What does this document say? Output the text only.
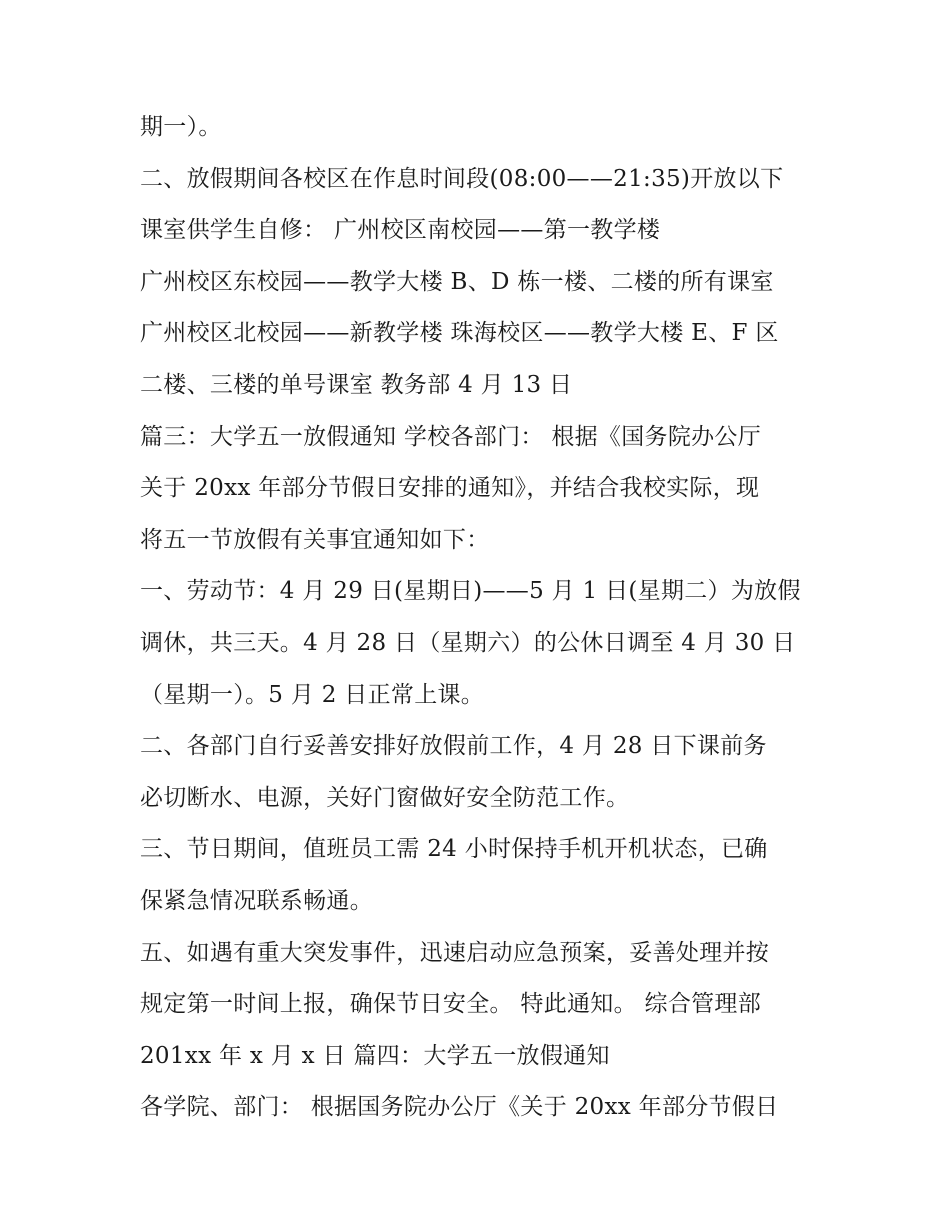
期一）。
二、放假期间各校区在作息时间段(08:00——21:35)开放以下
课室供学生自修： 广州校区南校园——第一教学楼
广州校区东校园——教学大楼 B、D 栋一楼、二楼的所有课室
广州校区北校园——新教学楼 珠海校区——教学大楼 E、F 区
二楼、三楼的单号课室 教务部 4 月 13 日
篇三：大学五一放假通知 学校各部门： 根据《国务院办公厅
关于 20xx 年部分节假日安排的通知》，并结合我校实际，现
将五一节放假有关事宜通知如下：
一、劳动节：4 月 29 日(星期日)——5 月 1 日(星期二）为放假
调休，共三天。4 月 28 日（星期六）的公休日调至 4 月 30 日
（星期一）。5 月 2 日正常上课。
二、各部门自行妥善安排好放假前工作，4 月 28 日下课前务
必切断水、电源，关好门窗做好安全防范工作。
三、节日期间，值班员工需 24 小时保持手机开机状态，已确
保紧急情况联系畅通。
五、如遇有重大突发事件，迅速启动应急预案，妥善处理并按
规定第一时间上报，确保节日安全。 特此通知。 综合管理部
201xx 年 x 月 x 日 篇四：大学五一放假通知
各学院、部门： 根据国务院办公厅《关于 20xx 年部分节假日
